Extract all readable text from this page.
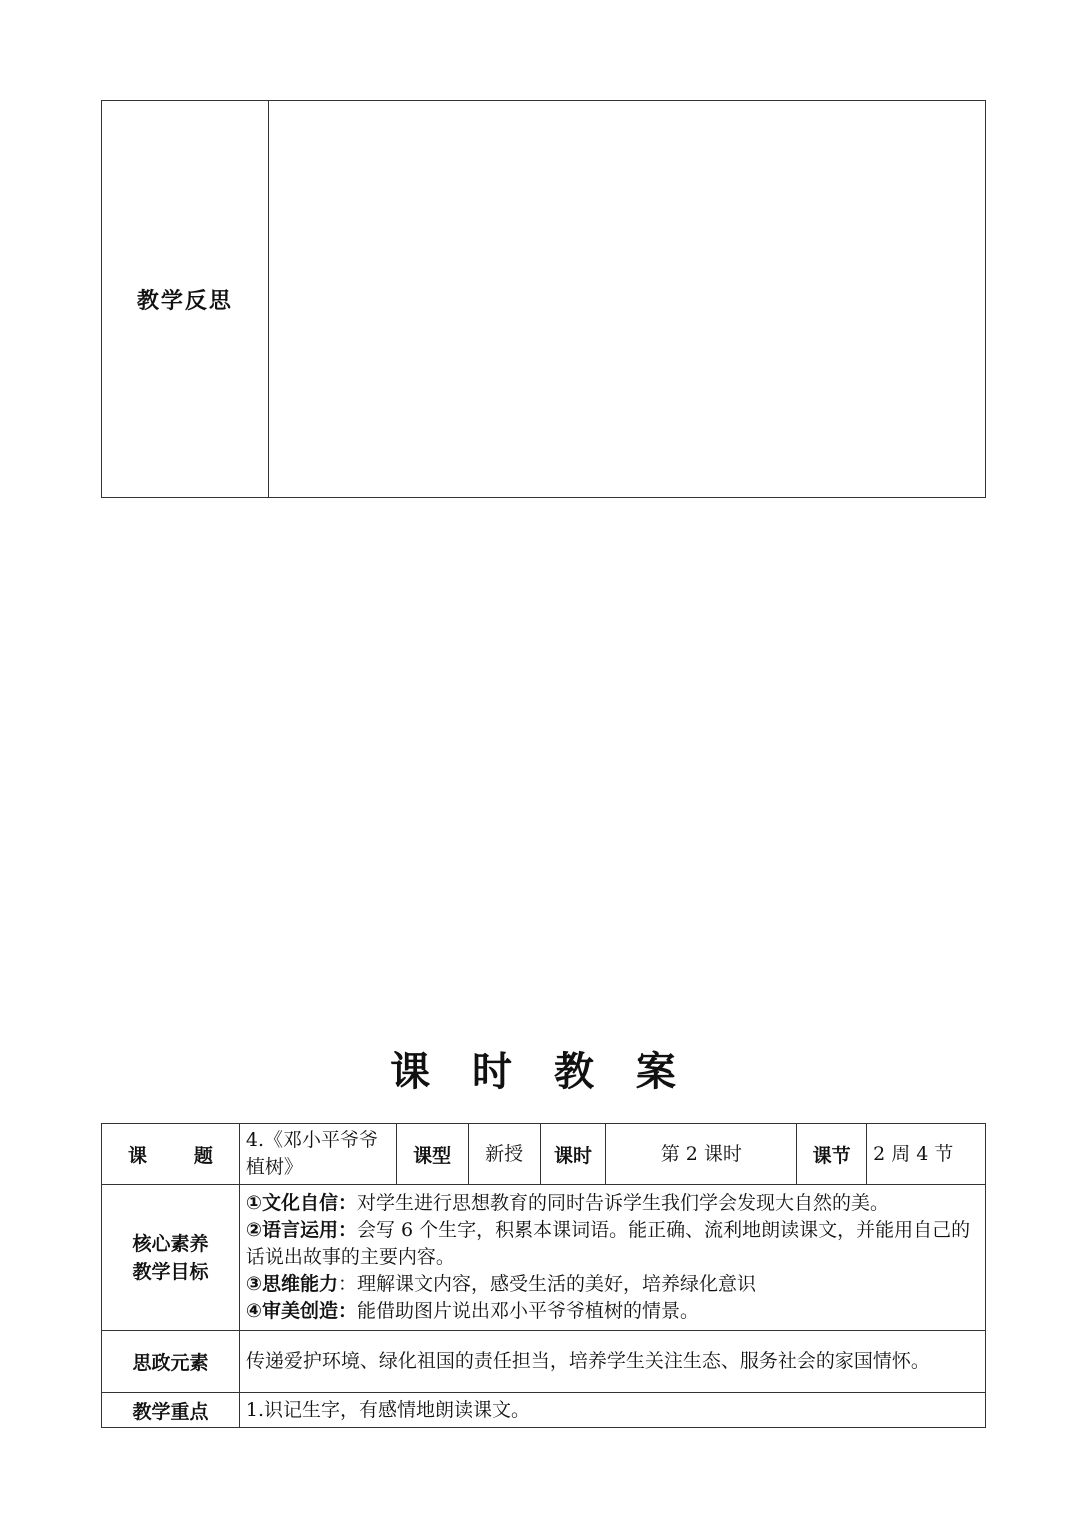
教学反思	
课 时 教 案
课 题	4.《邓小平爷爷植树》	课型	新授	课时	第 2 课时	课节	2 周 4 节

核心素养
教学目标	①文化自信：对学生进行思想教育的同时告诉学生我们学会发现大自然的美。
②语言运用：会写 6 个生字，积累本课词语。能正确、流利地朗读课文，并能用自己的话说出故事的主要内容。
③思维能力：理解课文内容，感受生活的美好，培养绿化意识
④审美创造：能借助图片说出邓小平爷爷植树的情景。						

思政元素	传递爱护环境、绿化祖国的责任担当，培养学生关注生态、服务社会的家国情怀。						
教学重点	1.识记生字，有感情地朗读课文。						
